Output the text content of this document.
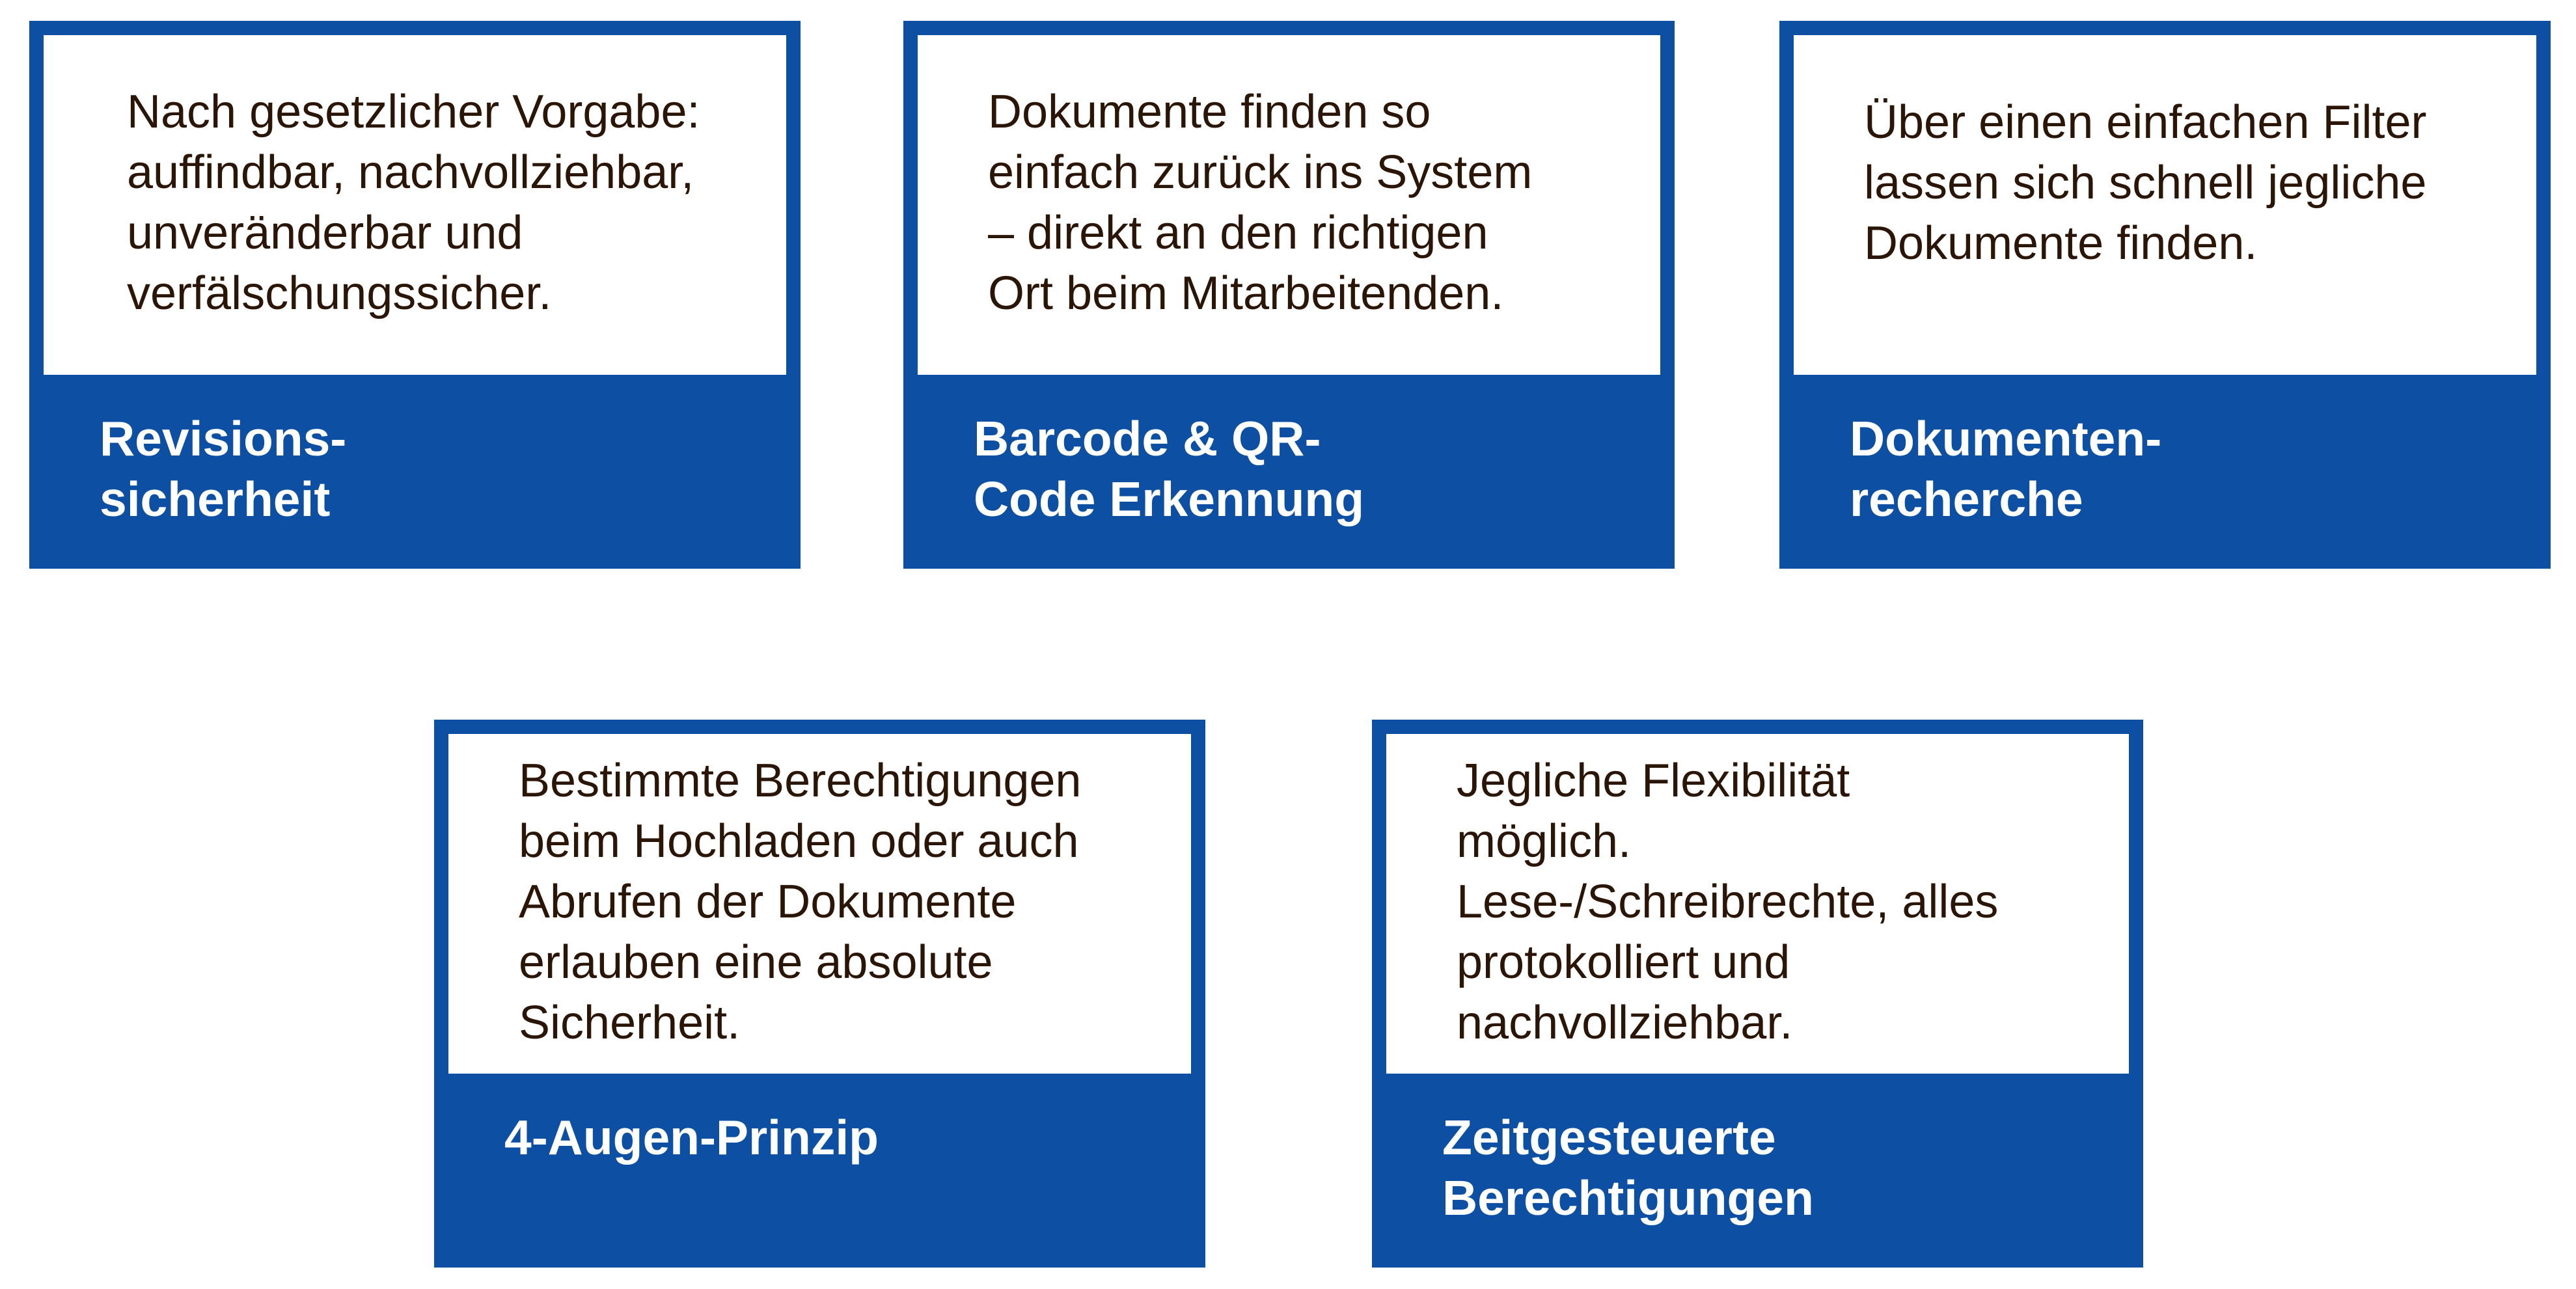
Nach gesetzlicher Vorgabe: auffindbar, nachvollziehbar, unveränderbar und verfälschungssicher.

Revisions-sicherheit

Dokumente finden so einfach zurück ins System – direkt an den richtigen Ort beim Mitarbeitenden.

Barcode & QR-Code Erkennung

Über einen einfachen Filter lassen sich schnell jegliche Dokumente finden.

Dokumenten-recherche

Bestimmte Berechtigungen beim Hochladen oder auch Abrufen der Dokumente erlauben eine absolute Sicherheit.

4-Augen-Prinzip

Jegliche Flexibilität möglich. Lese-/Schreibrechte, alles protokolliert und nachvollziehbar.

Zeitgesteuerte Berechtigungen
